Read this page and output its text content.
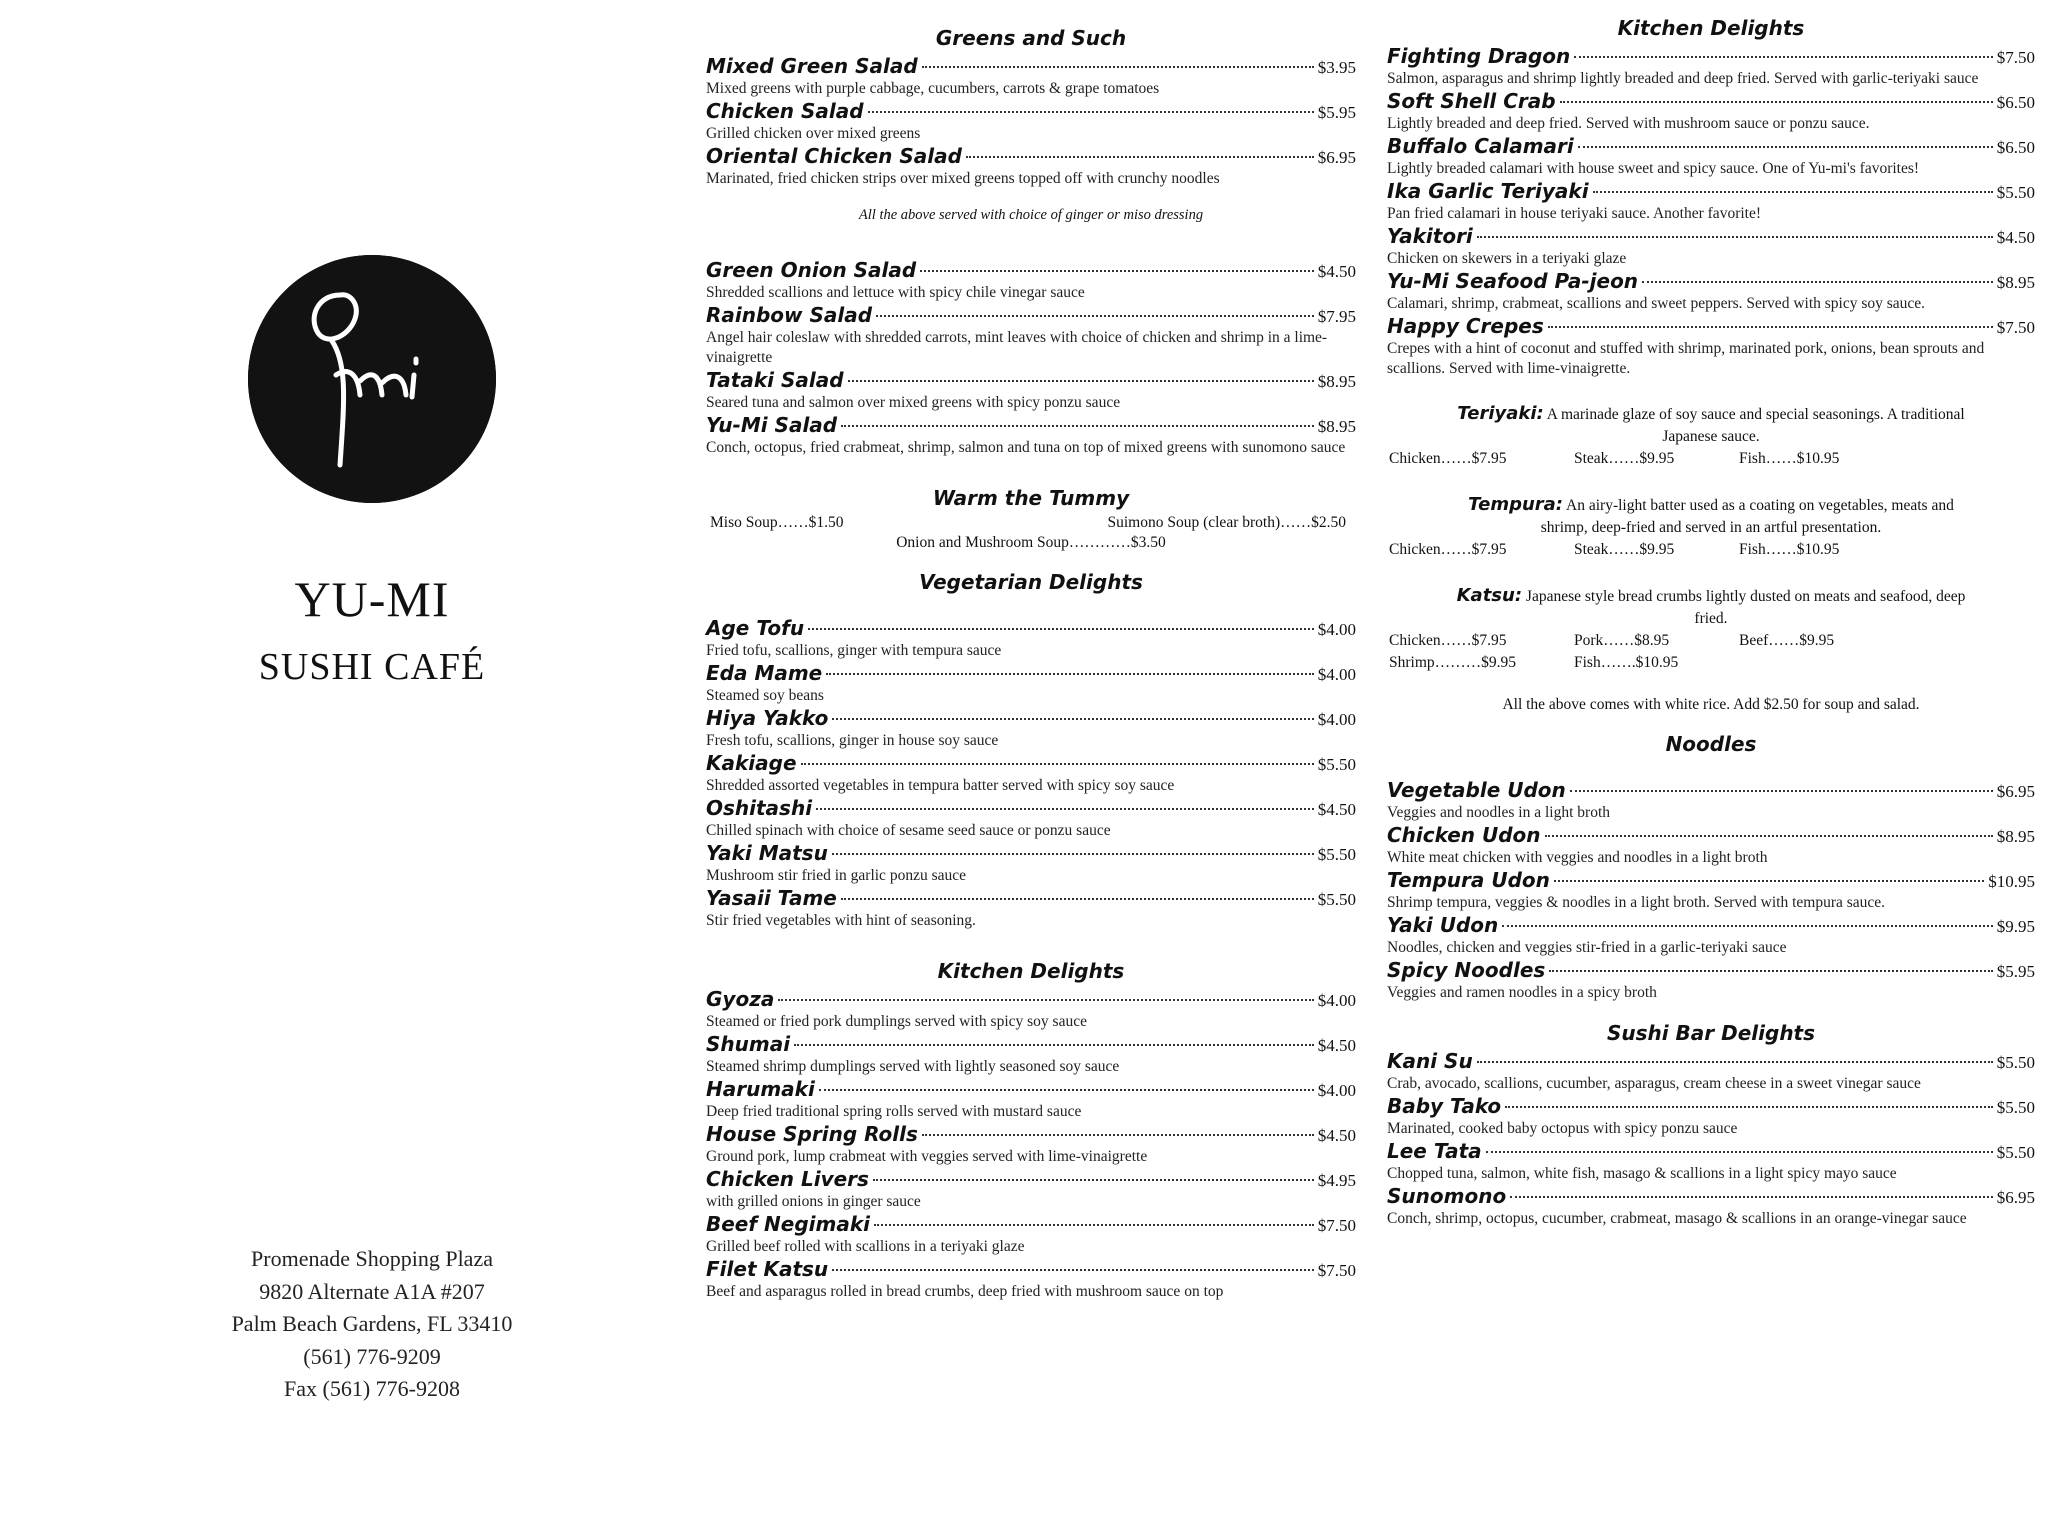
YU-MI
SUSHI CAFÉ
Promenade Shopping Plaza
9820 Alternate A1A #207
Palm Beach Gardens, FL 33410
(561) 776-9209
Fax (561) 776-9208
Greens and Such
Mixed Green Salad	$3.95
Mixed greens with purple cabbage, cucumbers, carrots & grape tomatoes
Chicken Salad	$5.95
Grilled chicken over mixed greens
Oriental Chicken Salad	$6.95
Marinated, fried chicken strips over mixed greens topped off with crunchy noodles
All the above served with choice of ginger or miso dressing
Green Onion Salad	$4.50
Shredded scallions and lettuce with spicy chile vinegar sauce
Rainbow Salad	$7.95
Angel hair coleslaw with shredded carrots, mint leaves with choice of chicken and shrimp in a lime-vinaigrette
Tataki Salad	$8.95
Seared tuna and salmon over mixed greens with spicy ponzu sauce
Yu-Mi Salad	$8.95
Conch, octopus, fried crabmeat, shrimp, salmon and tuna on top of mixed greens with sunomono sauce
Warm the Tummy
Miso Soup……$1.50	Suimono Soup (clear broth)……$2.50
Onion and Mushroom Soup…………$3.50
Vegetarian Delights
Age Tofu	$4.00
Fried tofu, scallions, ginger with tempura sauce
Eda Mame	$4.00
Steamed soy beans
Hiya Yakko	$4.00
Fresh tofu, scallions, ginger in house soy sauce
Kakiage	$5.50
Shredded assorted vegetables in tempura batter served with spicy soy sauce
Oshitashi	$4.50
Chilled spinach with choice of sesame seed sauce or ponzu sauce
Yaki Matsu	$5.50
Mushroom stir fried in garlic ponzu sauce
Yasaii Tame	$5.50
Stir fried vegetables with hint of seasoning.
Kitchen Delights
Gyoza	$4.00
Steamed or fried pork dumplings served with spicy soy sauce
Shumai	$4.50
Steamed shrimp dumplings served with lightly seasoned soy sauce
Harumaki	$4.00
Deep fried traditional spring rolls served with mustard sauce
House Spring Rolls	$4.50
Ground pork, lump crabmeat with veggies served with lime-vinaigrette
Chicken Livers	$4.95
with grilled onions in ginger sauce
Beef Negimaki	$7.50
Grilled beef rolled with scallions in a teriyaki glaze
Filet Katsu	$7.50
Beef and asparagus rolled in bread crumbs, deep fried with mushroom sauce on top
Kitchen Delights
Fighting Dragon	$7.50
Salmon, asparagus and shrimp lightly breaded and deep fried. Served with garlic-teriyaki sauce
Soft Shell Crab	$6.50
Lightly breaded and deep fried. Served with mushroom sauce or ponzu sauce.
Buffalo Calamari	$6.50
Lightly breaded calamari with house sweet and spicy sauce. One of Yu-mi's favorites!
Ika Garlic Teriyaki	$5.50
Pan fried calamari in house teriyaki sauce. Another favorite!
Yakitori	$4.50
Chicken on skewers in a teriyaki glaze
Yu-Mi Seafood Pa-jeon	$8.95
Calamari, shrimp, crabmeat, scallions and sweet peppers. Served with spicy soy sauce.
Happy Crepes	$7.50
Crepes with a hint of coconut and stuffed with shrimp, marinated pork, onions, bean sprouts and scallions. Served with lime-vinaigrette.
Teriyaki: A marinade glaze of soy sauce and special seasonings. A traditional Japanese sauce.
Chicken……$7.95	Steak……$9.95	Fish……$10.95
Tempura: An airy-light batter used as a coating on vegetables, meats and shrimp, deep-fried and served in an artful presentation.
Chicken……$7.95	Steak……$9.95	Fish……$10.95
Katsu: Japanese style bread crumbs lightly dusted on meats and seafood, deep fried.
Chicken……$7.95	Pork……$8.95	Beef……$9.95
Shrimp………$9.95	Fish…….$10.95
All the above comes with white rice. Add $2.50 for soup and salad.
Noodles
Vegetable Udon	$6.95
Veggies and noodles in a light broth
Chicken Udon	$8.95
White meat chicken with veggies and noodles in a light broth
Tempura Udon	$10.95
Shrimp tempura, veggies & noodles in a light broth. Served with tempura sauce.
Yaki Udon	$9.95
Noodles, chicken and veggies stir-fried in a garlic-teriyaki sauce
Spicy Noodles	$5.95
Veggies and ramen noodles in a spicy broth
Sushi Bar Delights
Kani Su	$5.50
Crab, avocado, scallions, cucumber, asparagus, cream cheese in a sweet vinegar sauce
Baby Tako	$5.50
Marinated, cooked baby octopus with spicy ponzu sauce
Lee Tata	$5.50
Chopped tuna, salmon, white fish, masago & scallions in a light spicy mayo sauce
Sunomono	$6.95
Conch, shrimp, octopus, cucumber, crabmeat, masago & scallions in an orange-vinegar sauce
